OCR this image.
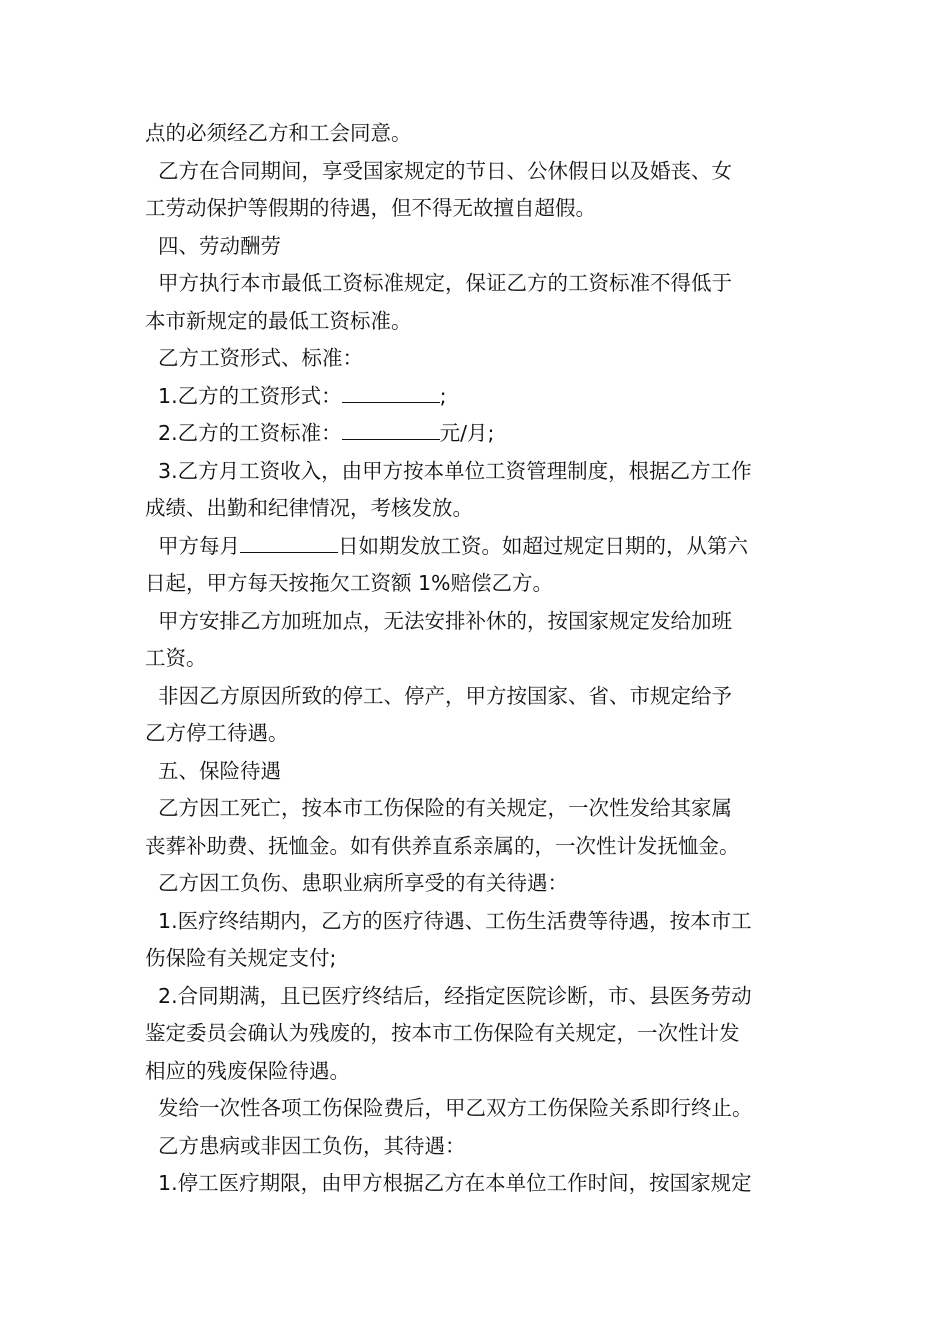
点的必须经乙方和工会同意。

乙方在合同期间，享受国家规定的节日、公休假日以及婚丧、女

工劳动保护等假期的待遇，但不得无故擅自超假。

四、劳动酬劳

甲方执行本市最低工资标准规定，保证乙方的工资标准不得低于

本市新规定的最低工资标准。

乙方工资形式、标准：

1.乙方的工资形式：	;

2.乙方的工资标准：	元/月;

3.乙方月工资收入，由甲方按本单位工资管理制度，根据乙方工作

成绩、出勤和纪律情况，考核发放。

甲方每月	日如期发放工资。如超过规定日期的，从第六

日起，甲方每天按拖欠工资额 1%赔偿乙方。

甲方安排乙方加班加点，无法安排补休的，按国家规定发给加班

工资。

非因乙方原因所致的停工、停产，甲方按国家、省、市规定给予

乙方停工待遇。

五、保险待遇

乙方因工死亡，按本市工伤保险的有关规定，一次性发给其家属

丧葬补助费、抚恤金。如有供养直系亲属的，一次性计发抚恤金。

乙方因工负伤、患职业病所享受的有关待遇：

1.医疗终结期内，乙方的医疗待遇、工伤生活费等待遇，按本市工

伤保险有关规定支付;

2.合同期满，且已医疗终结后，经指定医院诊断，市、县医务劳动

鉴定委员会确认为残废的，按本市工伤保险有关规定，一次性计发

相应的残废保险待遇。

发给一次性各项工伤保险费后，甲乙双方工伤保险关系即行终止。

乙方患病或非因工负伤，其待遇：

1.停工医疗期限，由甲方根据乙方在本单位工作时间，按国家规定
